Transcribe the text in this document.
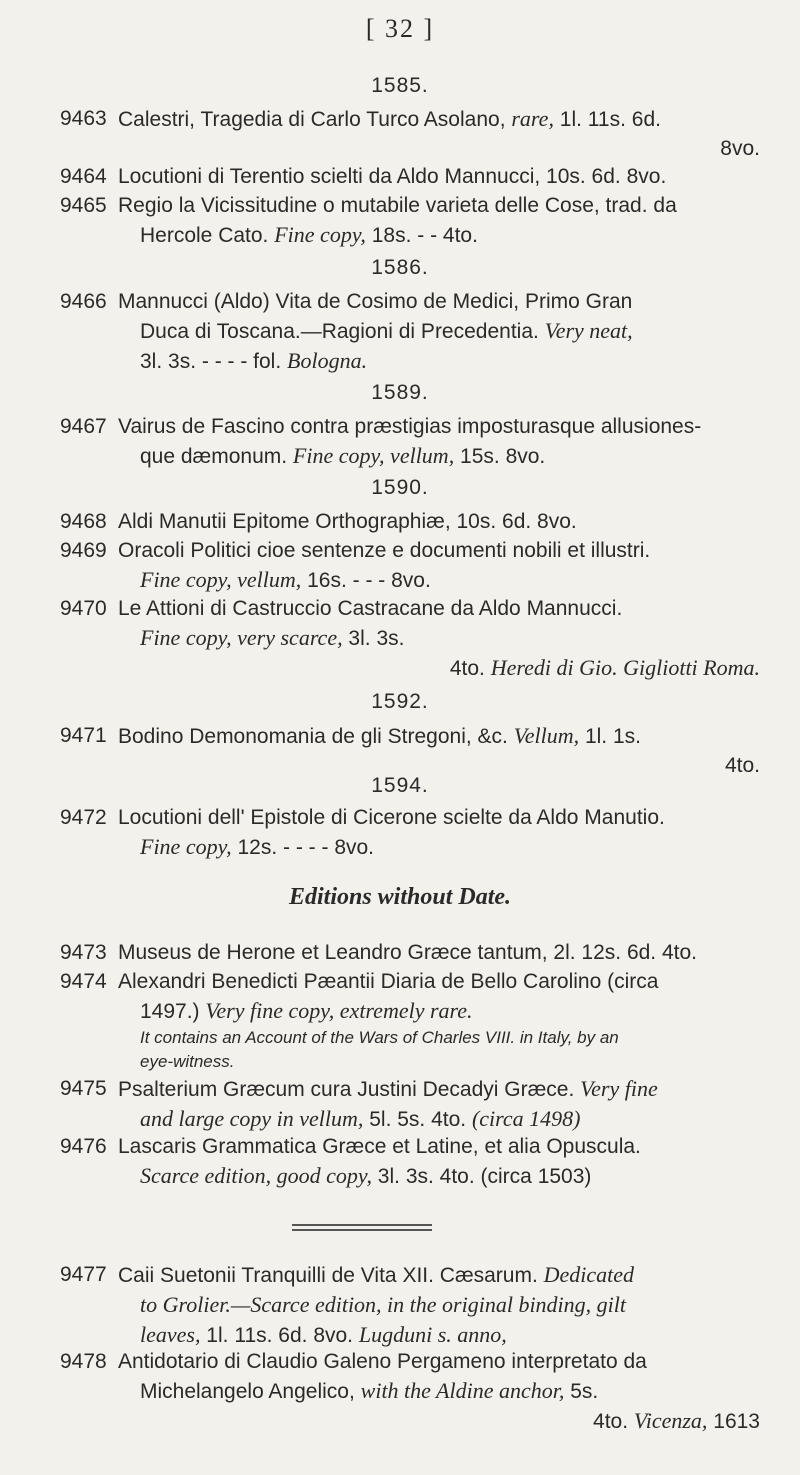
[ 32 ]
1585.
9463 Calestri, Tragedia di Carlo Turco Asolano, rare, 1l. 11s. 6d.
8vo.
9464 Locutioni di Terentio scielti da Aldo Mannucci, 10s. 6d. 8vo.
9465 Regio la Vicissitudine o mutabile varieta delle Cose, trad. da
Hercole Cato. Fine copy, 18s. - - 4to.
1586.
9466 Mannucci (Aldo) Vita de Cosimo de Medici, Primo Gran
Duca di Toscana.—Ragioni di Precedentia. Very neat,
3l. 3s. - - - - fol. Bologna.
1589.
9467 Vairus de Fascino contra præstigias imposturasque allusiones-
que dæmonum. Fine copy, vellum, 15s. 8vo.
1590.
9468 Aldi Manutii Epitome Orthographiæ, 10s. 6d. 8vo.
9469 Oracoli Politici cioe sentenze e documenti nobili et illustri.
Fine copy, vellum, 16s. - - - 8vo.
9470 Le Attioni di Castruccio Castracane da Aldo Mannucci.
Fine copy, very scarce, 3l. 3s.
4to. Heredi di Gio. Gigliotti Roma.
1592.
9471 Bodino Demonomania de gli Stregoni, &c. Vellum, 1l. 1s.
4to.
1594.
9472 Locutioni dell' Epistole di Cicerone scielte da Aldo Manutio.
Fine copy, 12s. - - - - 8vo.
Editions without Date.
9473 Museus de Herone et Leandro Græce tantum, 2l. 12s. 6d. 4to.
9474 Alexandri Benedicti Pæantii Diaria de Bello Carolino (circa
1497.) Very fine copy, extremely rare.
It contains an Account of the Wars of Charles VIII. in Italy, by an
eye-witness.
9475 Psalterium Græcum cura Justini Decadyi Græce. Very fine
and large copy in vellum, 5l. 5s. 4to. (circa 1498)
9476 Lascaris Grammatica Græce et Latine, et alia Opuscula.
Scarce edition, good copy, 3l. 3s. 4to. (circa 1503)
9477 Caii Suetonii Tranquilli de Vita XII. Cæsarum. Dedicated
to Grolier.—Scarce edition, in the original binding, gilt
leaves, 1l. 11s. 6d. 8vo. Lugduni s. anno,
9478 Antidotario di Claudio Galeno Pergameno interpretato da
Michelangelo Angelico, with the Aldine anchor, 5s.
4to. Vicenza, 1613
